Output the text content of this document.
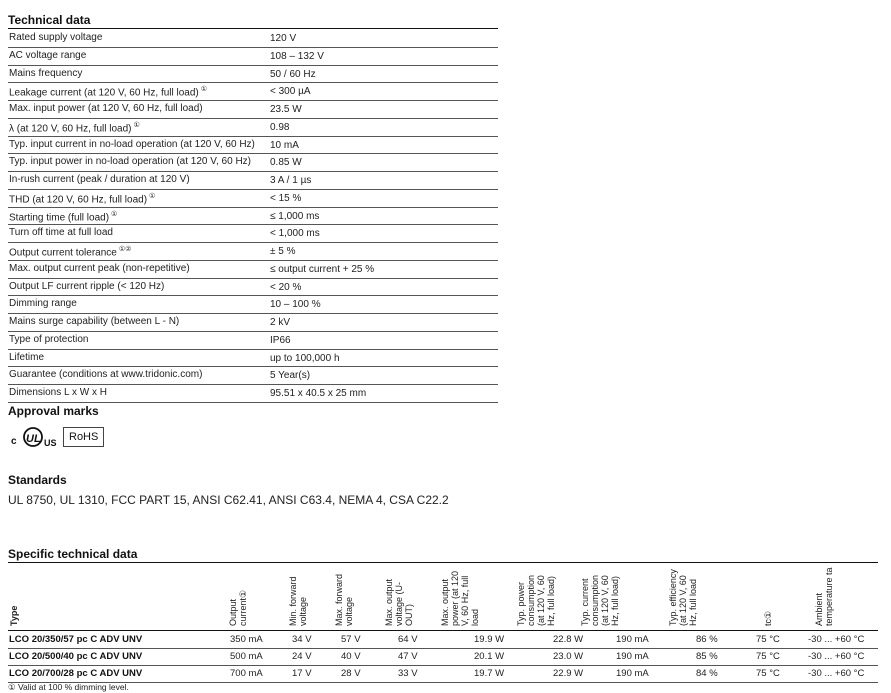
Technical data
Rated supply voltage	120 V
AC voltage range	108 – 132 V
Mains frequency	50 / 60 Hz
Leakage current (at 120 V, 60 Hz, full load) ①	< 300 µA
Max. input power (at 120 V, 60 Hz, full load)	23.5 W
λ (at 120 V, 60 Hz, full load) ①	0.98
Typ. input current in no-load operation (at 120 V, 60 Hz) 10 mA
Typ. input power in no-load operation (at 120 V, 60 Hz) 0.85 W
In-rush current (peak / duration at 120 V)	3 A / 1 µs
THD (at 120 V, 60 Hz, full load) ①	< 15 %
Starting time (full load) ①	≤ 1,000 ms
Turn off time at full load	< 1,000 ms
Output current tolerance ①②	± 5 %
Max. output current peak (non-repetitive)	≤ output current + 25 %
Output LF current ripple (< 120 Hz)	< 20 %
Dimming range	10 – 100 %
Mains surge capability (between L - N)	2 kV
Type of protection	IP66
Lifetime	up to 100,000 h
Guarantee (conditions at www.tridonic.com)	5 Year(s)
Dimensions L x W x H	95.51 x 40.5 x 25 mm
Approval marks
c UL US	RoHS
Standards
UL 8750, UL 1310, FCC PART 15, ANSI C62.41, ANSI C63.4, NEMA 4, CSA C22.2
Specific technical data
Type	Output current①	Min. forward voltage	Max. forward voltage	Max. output voltage (U-OUT)	Max. output power (at 120 V, 60 Hz, full load	Typ. power consumption (at 120 V, 60 Hz, full load)	Typ. current consumption (at 120 V, 60 Hz, full load)	Typ. efficiency (at 120 V, 60 Hz, full load	tc①	Ambient temperature ta
LCO 20/350/57 pc C ADV UNV	350 mA	34 V	57 V	64 V	19.9 W	22.8 W	190 mA	86 %	75 °C	-30 ... +60 °C
LCO 20/500/40 pc C ADV UNV	500 mA	24 V	40 V	47 V	20.1 W	23.0 W	190 mA	85 %	75 °C	-30 ... +60 °C
LCO 20/700/28 pc C ADV UNV	700 mA	17 V	28 V	33 V	19.7 W	22.9 W	190 mA	84 %	75 °C	-30 ... +60 °C
① Valid at 100 % dimming level.
